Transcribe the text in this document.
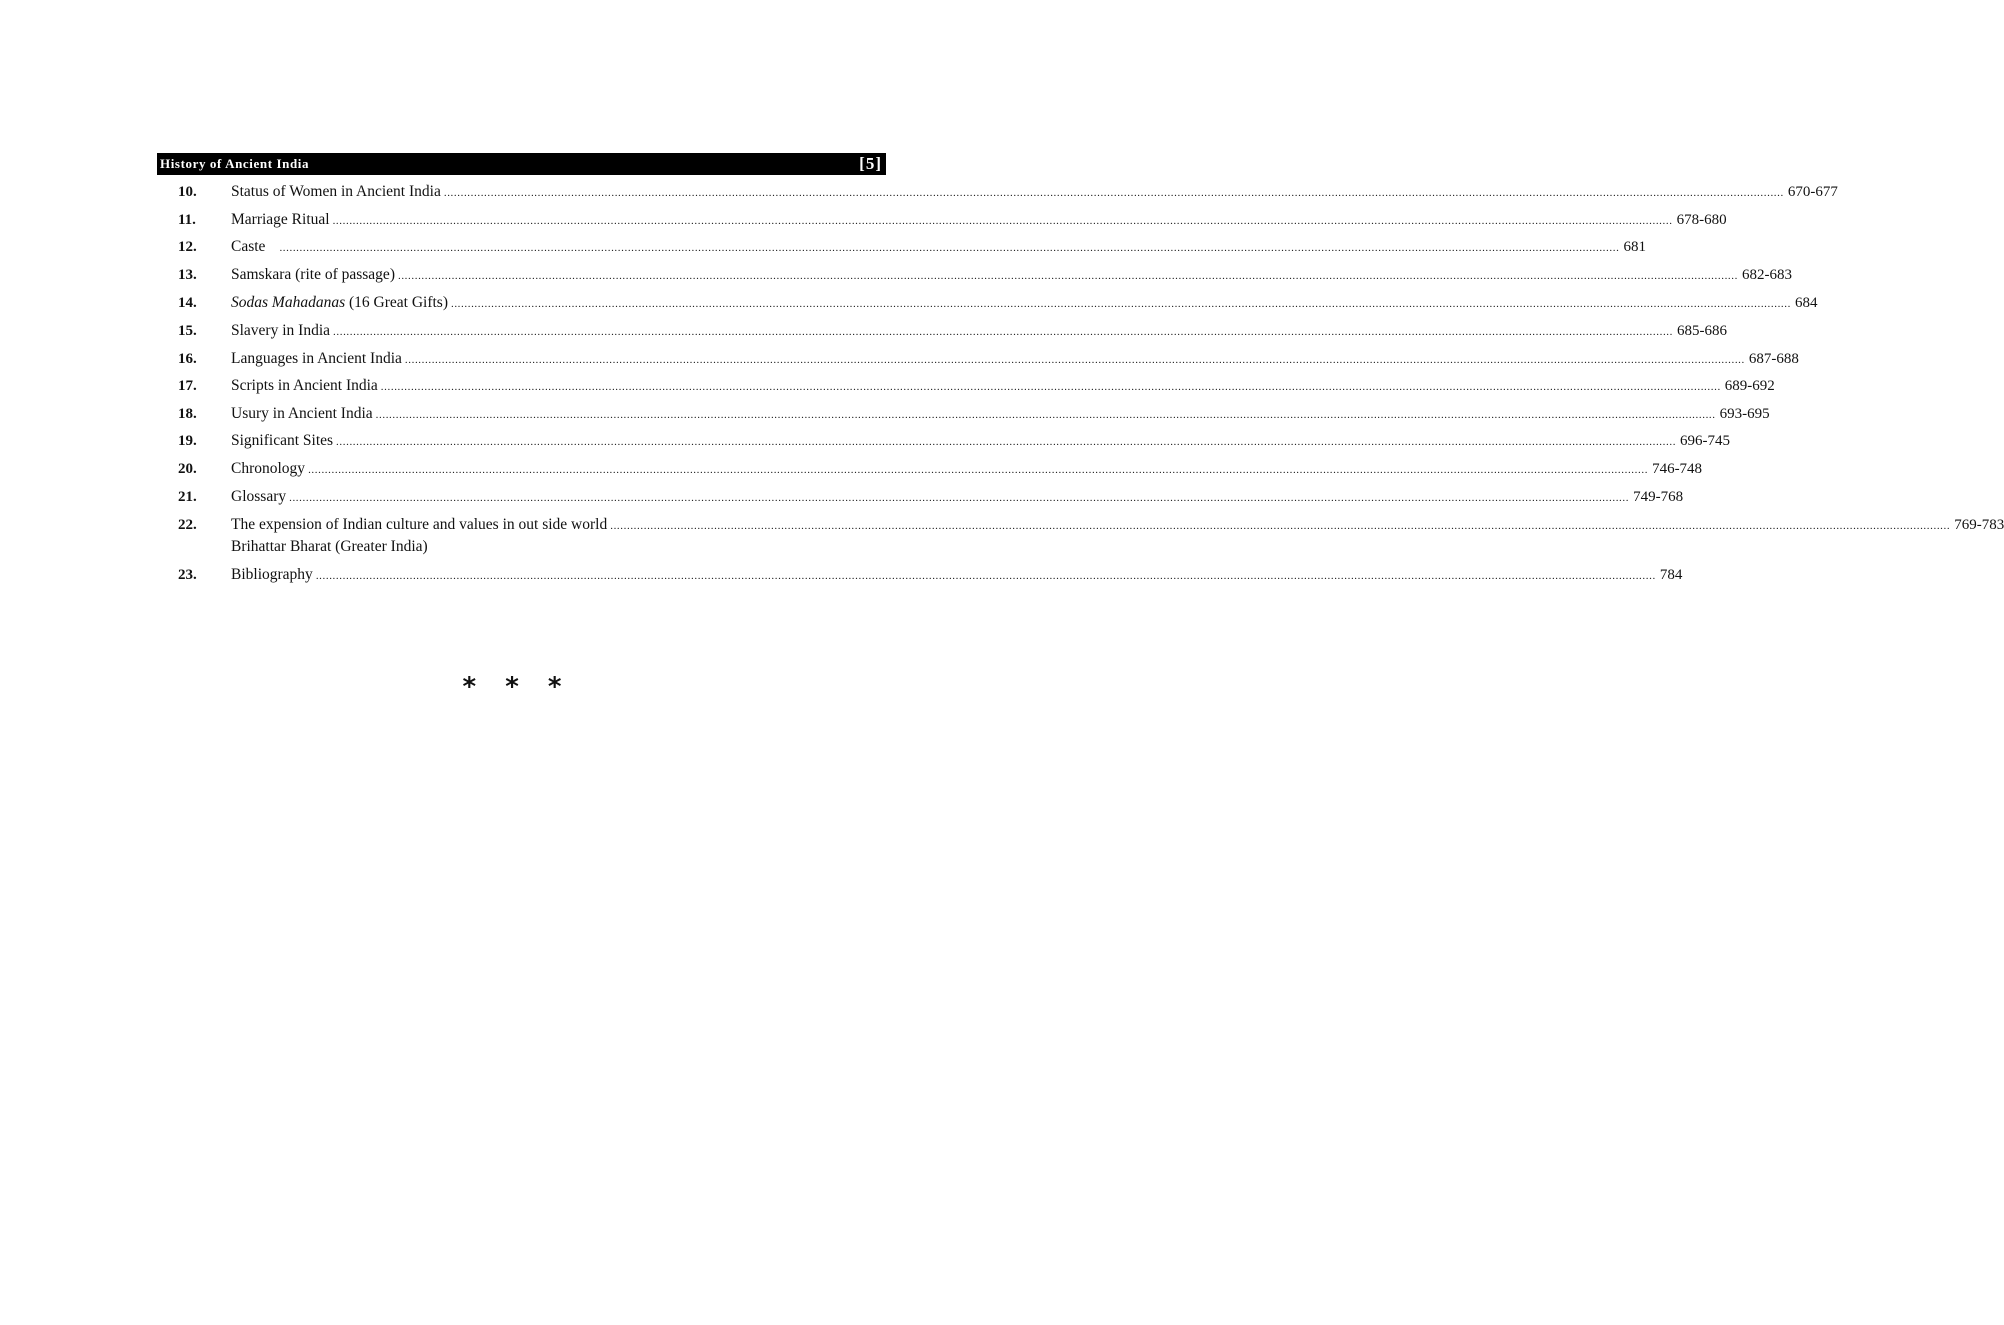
History of Ancient India	[5]
10. Status of Women in Ancient India ................................................................................................................................................................................................................................................................................................................................................................................................................ 670-677
11. Marriage Ritual ................................................................................................................................................................................................................................................................................................................................................................................................................ 678-680
12. Caste ................................................................................................................................................................................................................................................................................................................................................................................................................ 681
13. Samskara (rite of passage) ................................................................................................................................................................................................................................................................................................................................................................................................................ 682-683
14. Sodas Mahadanas (16 Great Gifts) ................................................................................................................................................................................................................................................................................................................................................................................................................ 684
15. Slavery in India ................................................................................................................................................................................................................................................................................................................................................................................................................ 685-686
16. Languages in Ancient India ................................................................................................................................................................................................................................................................................................................................................................................................................ 687-688
17. Scripts in Ancient India ................................................................................................................................................................................................................................................................................................................................................................................................................ 689-692
18. Usury in Ancient India ................................................................................................................................................................................................................................................................................................................................................................................................................ 693-695
19. Significant Sites ................................................................................................................................................................................................................................................................................................................................................................................................................ 696-745
20. Chronology ................................................................................................................................................................................................................................................................................................................................................................................................................ 746-748
21. Glossary ................................................................................................................................................................................................................................................................................................................................................................................................................ 749-768
22. The expension of Indian culture and values in out side world ................................................................................................................................................................................................................................................................................................................................................................................................................ 769-783
Brihattar Bharat (Greater India)
23. Bibliography ................................................................................................................................................................................................................................................................................................................................................................................................................ 784
* * *
